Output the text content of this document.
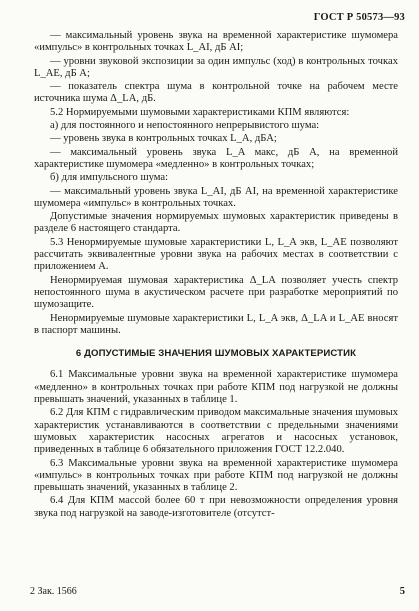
ГОСТ Р 50573—93

— максимальный уровень звука на временной характеристике шумомера «импульс» в контрольных точках L_AI, дБ AI;

— уровни звуковой экспозиции за один импульс (ход) в контрольных точках L_AE, дБ А;

— показатель спектра шума в контрольной точке на рабочем месте источника шума Δ_LA, дБ.

5.2 Нормируемыми шумовыми характеристиками КПМ являются:

а) для постоянного и непостоянного непрерывистого шума:

— уровень звука в контрольных точках L_A, дБА;

— максимальный уровень звука L_A макс, дБ А, на временной характеристике шумомера «медленно» в контрольных точках;

б) для импульсного шума:

— максимальный уровень звука L_AI, дБ AI, на временной характеристике шумомера «импульс» в контрольных точках.

Допустимые значения нормируемых шумовых характеристик приведены в разделе 6 настоящего стандарта.

5.3 Ненормируемые шумовые характеристики L, L_A экв, L_AE позволяют рассчитать эквивалентные уровни звука на рабочих местах в соответствии с приложением А.

Ненормируемая шумовая характеристика Δ_LA позволяет учесть спектр непостоянного шума в акустическом расчете при разработке мероприятий по шумозащите.

Ненормируемые шумовые характеристики L, L_A экв, Δ_LA и L_AE вносят в паспорт машины.

6 ДОПУСТИМЫЕ ЗНАЧЕНИЯ ШУМОВЫХ ХАРАКТЕРИСТИК

6.1 Максимальные уровни звука на временной характеристике шумомера «медленно» в контрольных точках при работе КПМ под нагрузкой не должны превышать значений, указанных в таблице 1.

6.2 Для КПМ с гидравлическим приводом максимальные значения шумовых характеристик устанавливаются в соответствии с предельными значениями шумовых характеристик насосных агрегатов и насосных установок, приведенных в таблице 6 обязательного приложения ГОСТ 12.2.040.

6.3 Максимальные уровни звука на временной характеристике шумомера «импульс» в контрольных точках при работе КПМ под нагрузкой не должны превышать значений, указанных в таблице 2.

6.4 Для КПМ массой более 60 т при невозможности определения уровня звука под нагрузкой на заводе-изготовителе (отсутст-

2 Зак. 1566	5
